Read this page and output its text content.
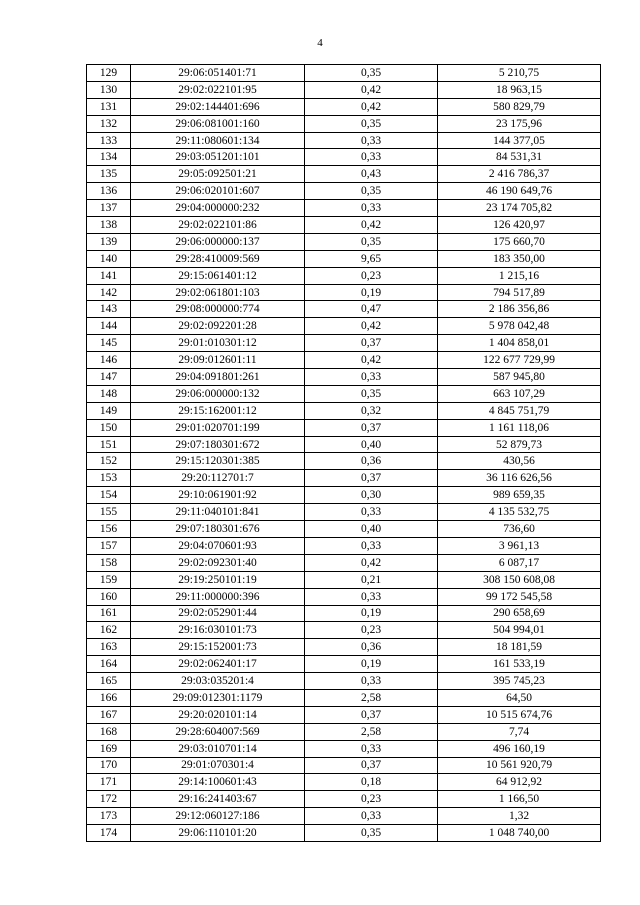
4
129	29:06:051401:71	0,35	5 210,75
130	29:02:022101:95	0,42	18 963,15
131	29:02:144401:696	0,42	580 829,79
132	29:06:081001:160	0,35	23 175,96
133	29:11:080601:134	0,33	144 377,05
134	29:03:051201:101	0,33	84 531,31
135	29:05:092501:21	0,43	2 416 786,37
136	29:06:020101:607	0,35	46 190 649,76
137	29:04:000000:232	0,33	23 174 705,82
138	29:02:022101:86	0,42	126 420,97
139	29:06:000000:137	0,35	175 660,70
140	29:28:410009:569	9,65	183 350,00
141	29:15:061401:12	0,23	1 215,16
142	29:02:061801:103	0,19	794 517,89
143	29:08:000000:774	0,47	2 186 356,86
144	29:02:092201:28	0,42	5 978 042,48
145	29:01:010301:12	0,37	1 404 858,01
146	29:09:012601:11	0,42	122 677 729,99
147	29:04:091801:261	0,33	587 945,80
148	29:06:000000:132	0,35	663 107,29
149	29:15:162001:12	0,32	4 845 751,79
150	29:01:020701:199	0,37	1 161 118,06
151	29:07:180301:672	0,40	52 879,73
152	29:15:120301:385	0,36	430,56
153	29:20:112701:7	0,37	36 116 626,56
154	29:10:061901:92	0,30	989 659,35
155	29:11:040101:841	0,33	4 135 532,75
156	29:07:180301:676	0,40	736,60
157	29:04:070601:93	0,33	3 961,13
158	29:02:092301:40	0,42	6 087,17
159	29:19:250101:19	0,21	308 150 608,08
160	29:11:000000:396	0,33	99 172 545,58
161	29:02:052901:44	0,19	290 658,69
162	29:16:030101:73	0,23	504 994,01
163	29:15:152001:73	0,36	18 181,59
164	29:02:062401:17	0,19	161 533,19
165	29:03:035201:4	0,33	395 745,23
166	29:09:012301:1179	2,58	64,50
167	29:20:020101:14	0,37	10 515 674,76
168	29:28:604007:569	2,58	7,74
169	29:03:010701:14	0,33	496 160,19
170	29:01:070301:4	0,37	10 561 920,79
171	29:14:100601:43	0,18	64 912,92
172	29:16:241403:67	0,23	1 166,50
173	29:12:060127:186	0,33	1,32
174	29:06:110101:20	0,35	1 048 740,00
